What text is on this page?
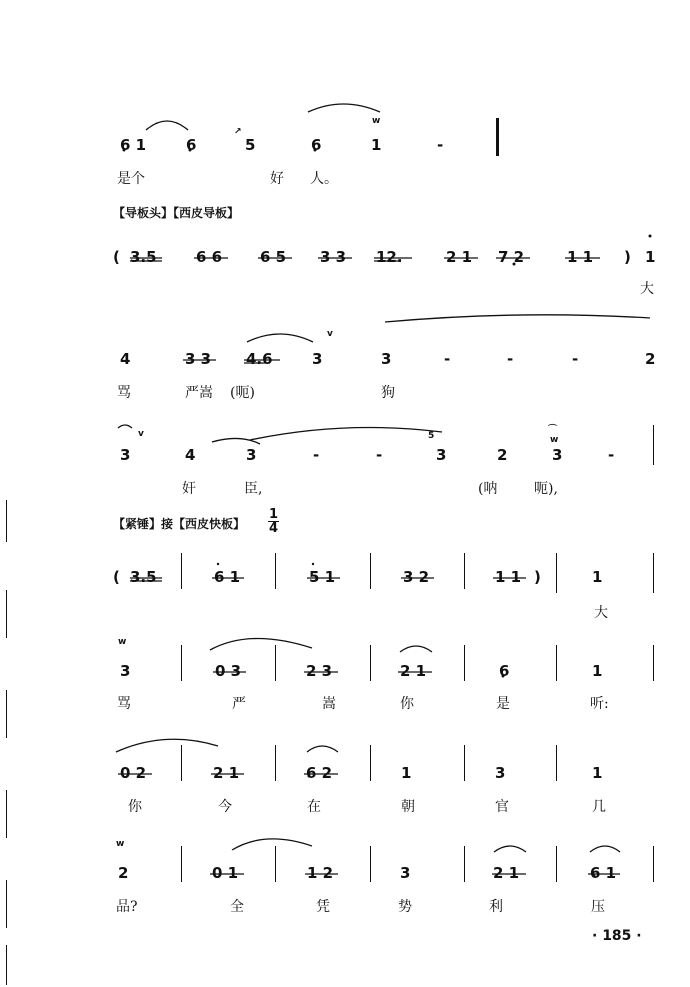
【导板头】【西皮导板】
【紧锤】接【西皮快板】 $\frac{1}{4}$
· 185 ·
↗
v
v
w
5
w
w
⌒
w
6 1	6	5	6	1	-
是个	好 人。
( 3.5	6 6	6 5 3 3 12.	2 1 7 2	1 1 ) 1
大
4	3 3 4.6	3	3	-	-	-	2
骂	严嵩 (呃)	狗
3	4	3	-	-	3	2	3	-
奸	臣,	(呐	呃),
( 3.5	6 1	5 1	3 2	1 1 )	1
大
3	0 3	2 3	2 1	6	1
骂	严	嵩	你	是	听:
0 2	2 1	6 2	1	3	1
你	今	在	朝	官	几
2	0 1	1 2	3	2 1	6 1
品?	全	凭	势	利	压
